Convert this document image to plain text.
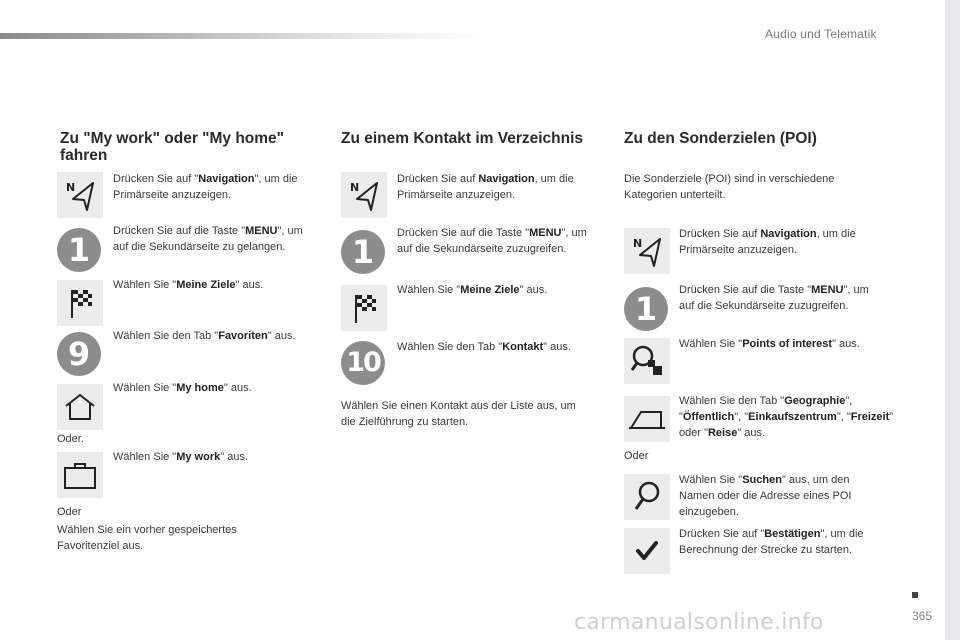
Audio und Telematik
Zu "My work" oder "My home"
fahren
N
Drücken Sie auf "Navigation", um die Primärseite anzuzeigen.
1	Drücken Sie auf die Taste "MENU", um auf die Sekundärseite zu gelangen.
Wählen Sie "Meine Ziele" aus.
9	Wählen Sie den Tab "Favoriten" aus.
Wählen Sie "My home" aus.
Oder.
Wählen Sie "My work" aus.
Oder
Wählen Sie ein vorher gespeichertes Favoritenziel aus.
Zu einem Kontakt im Verzeichnis
N
Drücken Sie auf Navigation, um die Primärseite anzuzeigen.
1	Drücken Sie auf die Taste "MENU", um auf die Sekundärseite zuzugreifen.
Wählen Sie "Meine Ziele" aus.
10	Wählen Sie den Tab "Kontakt" aus.
Wählen Sie einen Kontakt aus der Liste aus, um die Zielführung zu starten.
Zu den Sonderzielen (POI)
Die Sonderziele (POI) sind in verschiedene Kategorien unterteilt.
N
Drücken Sie auf Navigation, um die Primärseite anzuzeigen.
1	Drücken Sie auf die Taste "MENU", um auf die Sekundärseite zuzugreifen.
Wählen Sie "Points of interest" aus.
Wählen Sie den Tab "Geographie", "Öffentlich", "Einkaufszentrum", "Freizeit" oder "Reise" aus.
Oder
Wählen Sie "Suchen" aus, um den Namen oder die Adresse eines POI einzugeben.
Drücken Sie auf "Bestätigen", um die Berechnung der Strecke zu starten.
365
carmanualsonline.info
